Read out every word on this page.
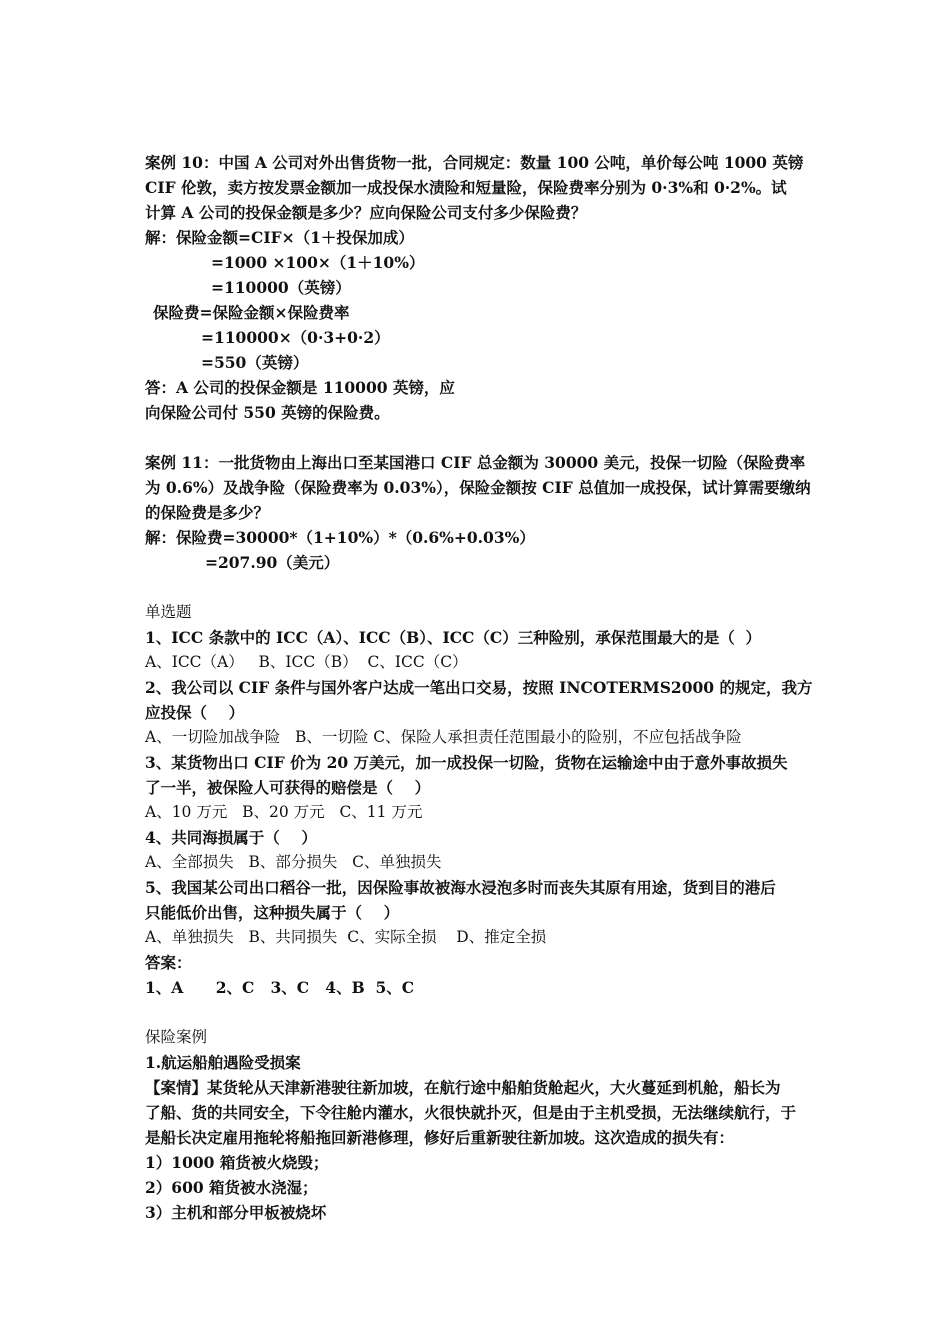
案例 10：中国 A 公司对外出售货物一批，合同规定：数量 100 公吨，单价每公吨 1000 英镑
CIF 伦敦，卖方按发票金额加一成投保水渍险和短量险，保险费率分别为 0·3%和 0·2%。试
计算 A 公司的投保金额是多少？应向保险公司支付多少保险费？
解：保险金额=CIF×（1＋投保加成）
=1000 ×100×（1＋10%）
=110000（英镑）
保险费=保险金额×保险费率
=110000×（0·3+0·2）
=550（英镑）
答：A 公司的投保金额是 110000 英镑，应
向保险公司付 550 英镑的保险费。
案例 11：一批货物由上海出口至某国港口 CIF 总金额为 30000 美元，投保一切险（保险费率
为 0.6%）及战争险（保险费率为 0.03%），保险金额按 CIF 总值加一成投保，试计算需要缴纳
的保险费是多少？
解：保险费=30000*（1+10%）*（0.6%+0.03%）
=207.90（美元）
单选题
1、ICC 条款中的 ICC（A）、ICC（B）、ICC（C）三种险别，承保范围最大的是（  ）
A、ICC（A）   B、ICC（B）  C、ICC（C）
2、我公司以 CIF 条件与国外客户达成一笔出口交易，按照 INCOTERMS2000 的规定，我方
应投保（    ）
A、一切险加战争险   B、一切险 C、保险人承担责任范围最小的险别，不应包括战争险
3、某货物出口 CIF 价为 20 万美元，加一成投保一切险，货物在运输途中由于意外事故损失
了一半，被保险人可获得的赔偿是（    ）
A、10 万元   B、20 万元   C、11 万元
4、共同海损属于（    ）
A、全部损失   B、部分损失   C、单独损失
5、我国某公司出口稻谷一批，因保险事故被海水浸泡多时而丧失其原有用途，货到目的港后
只能低价出售，这种损失属于（    ）
A、单独损失   B、共同损失  C、实际全损    D、推定全损
答案：
1、A      2、C   3、C   4、B  5、C
保险案例
1.航运船舶遇险受损案
【案情】某货轮从天津新港驶往新加坡，在航行途中船舶货舱起火，大火蔓延到机舱，船长为
了船、货的共同安全，下令往舱内灌水，火很快就扑灭，但是由于主机受损，无法继续航行，于
是船长决定雇用拖轮将船拖回新港修理，修好后重新驶往新加坡。这次造成的损失有：
1）1000 箱货被火烧毁；
2）600 箱货被水浇湿；
3）主机和部分甲板被烧坏
